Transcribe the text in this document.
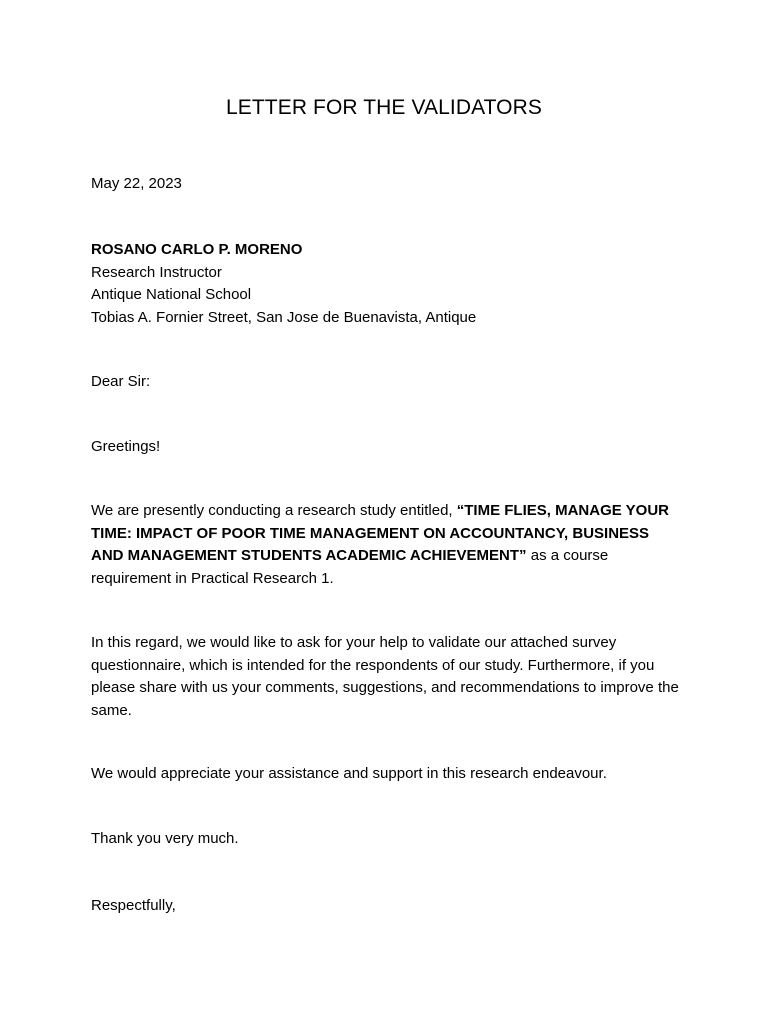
LETTER FOR THE VALIDATORS

May 22, 2023

ROSANO CARLO P. MORENO
Research Instructor
Antique National School
Tobias A. Fornier Street, San Jose de Buenavista, Antique

Dear Sir:

Greetings!

We are presently conducting a research study entitled, “TIME FLIES, MANAGE YOUR TIME: IMPACT OF POOR TIME MANAGEMENT ON ACCOUNTANCY, BUSINESS AND MANAGEMENT STUDENTS ACADEMIC ACHIEVEMENT” as a course requirement in Practical Research 1.

In this regard, we would like to ask for your help to validate our attached survey questionnaire, which is intended for the respondents of our study. Furthermore, if you please share with us your comments, suggestions, and recommendations to improve the same.

We would appreciate your assistance and support in this research endeavour.

Thank you very much.

Respectfully,
